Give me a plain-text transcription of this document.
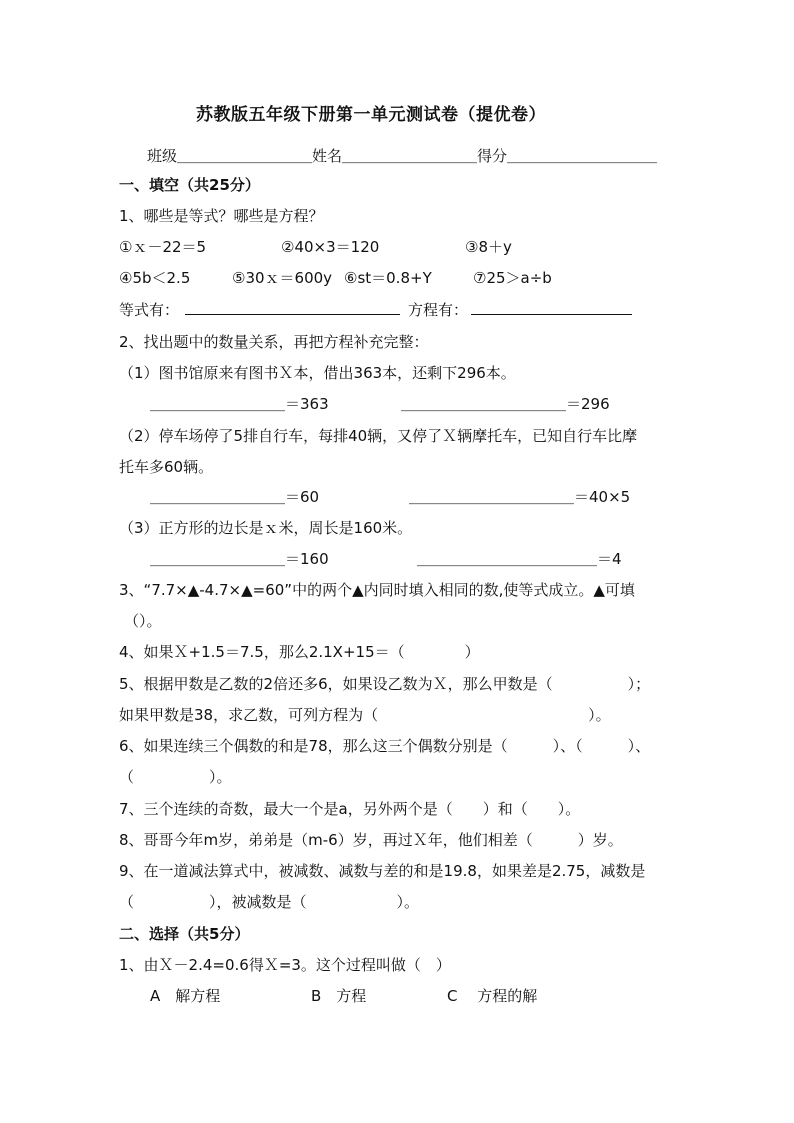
苏教版五年级下册第一单元测试卷（提优卷）
班级＿＿＿＿＿＿＿＿＿姓名＿＿＿＿＿＿＿＿＿得分＿＿＿＿＿＿＿＿＿＿
一、填空（共25分）
1、哪些是等式？哪些是方程？
①ｘ－22＝5	②40×3＝120	③8＋y
④5b＜2.5	⑤30ｘ＝600y ⑥st＝0.8+Y	⑦25＞a÷b
等式有：	方程有：
2、找出题中的数量关系，再把方程补充完整：
（1）图书馆原来有图书Ｘ本，借出363本，还剩下296本。
＿＿＿＿＿＿＿＿＿＝363	＿＿＿＿＿＿＿＿＿＿＿＝296
（2）停车场停了5排自行车，每排40辆，又停了Ｘ辆摩托车，已知自行车比摩
托车多60辆。
＿＿＿＿＿＿＿＿＿＝60	＿＿＿＿＿＿＿＿＿＿＿＝40×5
（3）正方形的边长是ｘ米，周长是160米。
＿＿＿＿＿＿＿＿＿＝160	＿＿＿＿＿＿＿＿＿＿＿＿＝4
3、“7.7×▲-4.7×▲=60”中的两个▲内同时填入相同的数,使等式成立。▲可填
（）。
4、如果Ｘ+1.5＝7.5，那么2.1X+15＝（　　　　）
5、根据甲数是乙数的2倍还多6，如果设乙数为Ｘ，那么甲数是（　　　　　）；
如果甲数是38，求乙数，可列方程为（　　　　　　　　　　　　　　）。
6、如果连续三个偶数的和是78，那么这三个偶数分别是（　　　）、（　　　）、
（　　　　　）。
7、三个连续的奇数，最大一个是a，另外两个是（　　）和（　　）。
8、哥哥今年m岁，弟弟是（m-6）岁，再过Ｘ年，他们相差（　　　）岁。
9、在一道减法算式中，被减数、减数与差的和是19.8，如果差是2.75，减数是
（　　　　　），被减数是（　　　　　　）。
二、选择（共5分）
1、由Ｘ－2.4=0.6得Ｘ=3。这个过程叫做（　）
A　解方程	B　方程	C　 方程的解
